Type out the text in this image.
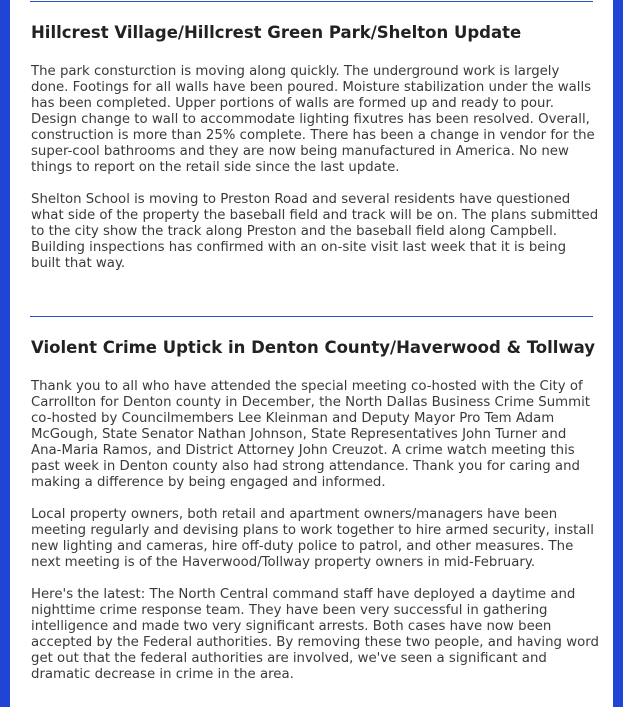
Hillcrest Village/Hillcrest Green Park/Shelton Update

The park consturction is moving along quickly. The underground work is largely done. Footings for all walls have been poured. Moisture stabilization under the walls has been completed. Upper portions of walls are formed up and ready to pour. Design change to wall to accommodate lighting fixutres has been resolved. Overall, construction is more than 25% complete. There has been a change in vendor for the super-cool bathrooms and they are now being manufactured in America. No new things to report on the retail side since the last update.

Shelton School is moving to Preston Road and several residents have questioned what side of the property the baseball field and track will be on. The plans submitted to the city show the track along Preston and the baseball field along Campbell. Building inspections has confirmed with an on-site visit last week that it is being built that way.

Violent Crime Uptick in Denton County/Haverwood & Tollway

Thank you to all who have attended the special meeting co-hosted with the City of Carrollton for Denton county in December, the North Dallas Business Crime Summit co-hosted by Councilmembers Lee Kleinman and Deputy Mayor Pro Tem Adam McGough, State Senator Nathan Johnson, State Representatives John Turner and Ana-Maria Ramos, and District Attorney John Creuzot. A crime watch meeting this past week in Denton county also had strong attendance. Thank you for caring and making a difference by being engaged and informed.

Local property owners, both retail and apartment owners/managers have been meeting regularly and devising plans to work together to hire armed security, install new lighting and cameras, hire off-duty police to patrol, and other measures. The next meeting is of the Haverwood/Tollway property owners in mid-February.

Here's the latest: The North Central command staff have deployed a daytime and nighttime crime response team. They have been very successful in gathering intelligence and made two very significant arrests. Both cases have now been accepted by the Federal authorities. By removing these two people, and having word get out that the federal authorities are involved, we've seen a significant and dramatic decrease in crime in the area.
